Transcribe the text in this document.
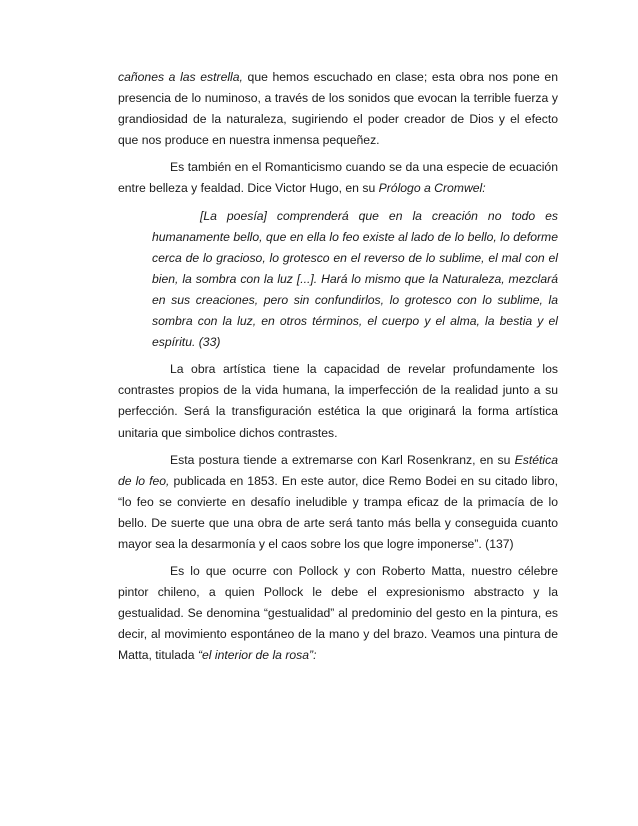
cañones a las estrella, que hemos escuchado en clase; esta obra nos pone en presencia de lo numinoso, a través de los sonidos que evocan la terrible fuerza y grandiosidad de la naturaleza, sugiriendo el poder creador de Dios y el efecto que nos produce en nuestra inmensa pequeñez.

Es también en el Romanticismo cuando se da una especie de ecuación entre belleza y fealdad. Dice Victor Hugo, en su Prólogo a Cromwel:

[La poesía] comprenderá que en la creación no todo es humanamente bello, que en ella lo feo existe al lado de lo bello, lo deforme cerca de lo gracioso, lo grotesco en el reverso de lo sublime, el mal con el bien, la sombra con la luz [...]. Hará lo mismo que la Naturaleza, mezclará en sus creaciones, pero sin confundirlos, lo grotesco con lo sublime, la sombra con la luz, en otros términos, el cuerpo y el alma, la bestia y el espíritu. (33)

La obra artística tiene la capacidad de revelar profundamente los contrastes propios de la vida humana, la imperfección de la realidad junto a su perfección. Será la transfiguración estética la que originará la forma artística unitaria que simbolice dichos contrastes.

Esta postura tiende a extremarse con Karl Rosenkranz, en su Estética de lo feo, publicada en 1853. En este autor, dice Remo Bodei en su citado libro, “lo feo se convierte en desafío ineludible y trampa eficaz de la primacía de lo bello. De suerte que una obra de arte será tanto más bella y conseguida cuanto mayor sea la desarmonía y el caos sobre los que logre imponerse”. (137)

Es lo que ocurre con Pollock y con Roberto Matta, nuestro célebre pintor chileno, a quien Pollock le debe el expresionismo abstracto y la gestualidad. Se denomina “gestualidad” al predominio del gesto en la pintura, es decir, al movimiento espontáneo de la mano y del brazo. Veamos una pintura de Matta, titulada “el interior de la rosa”:
